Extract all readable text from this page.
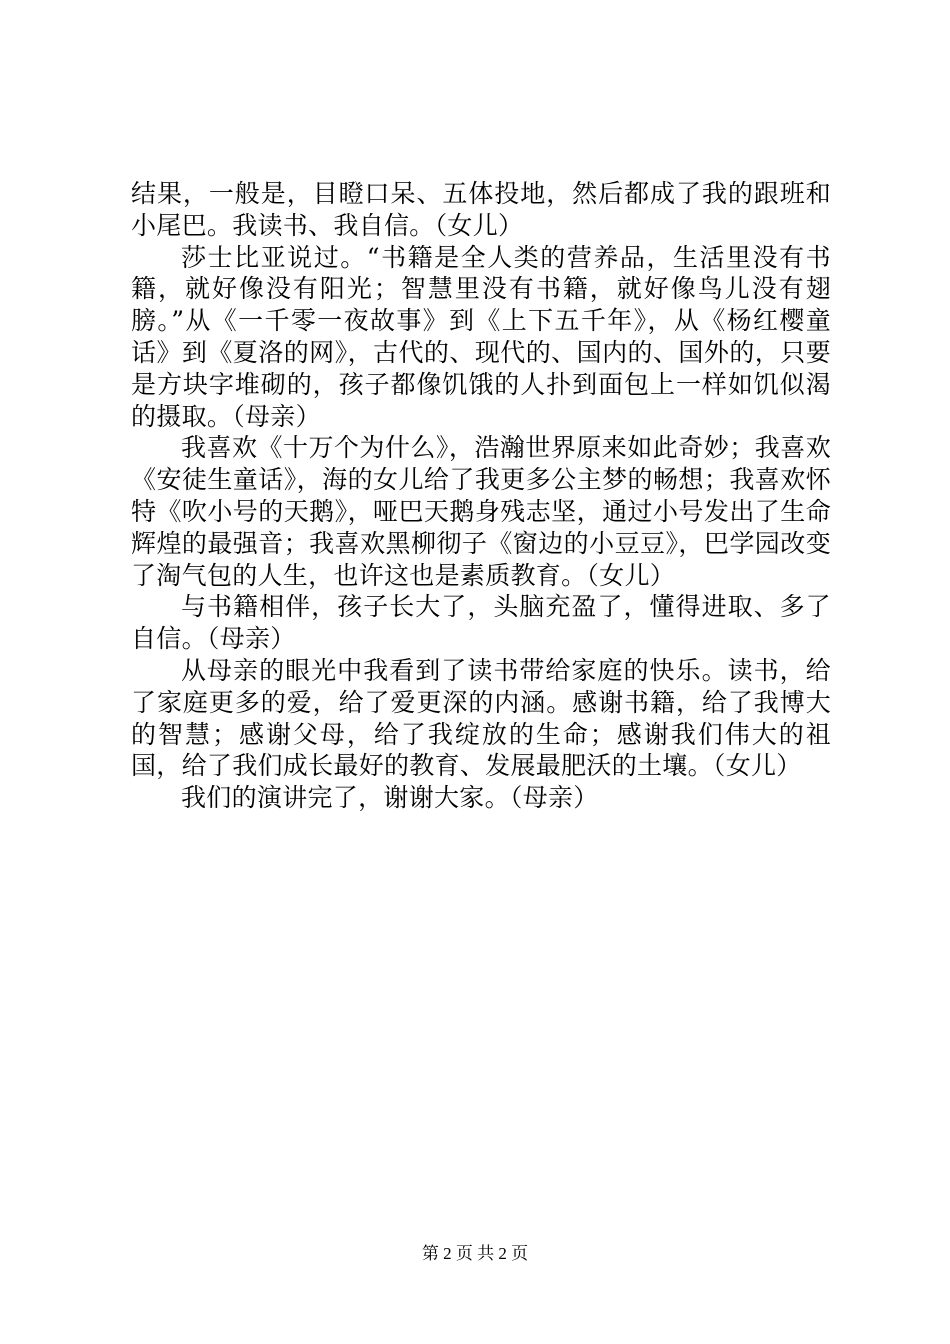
结果，一般是，目瞪口呆、五体投地，然后都成了我的跟班和小尾巴。我读书、我自信。（女儿）

莎士比亚说过。“书籍是全人类的营养品，生活里没有书籍，就好像没有阳光；智慧里没有书籍，就好像鸟儿没有翅膀。”从《一千零一夜故事》到《上下五千年》，从《杨红樱童话》到《夏洛的网》，古代的、现代的、国内的、国外的，只要是方块字堆砌的，孩子都像饥饿的人扑到面包上一样如饥似渴的摄取。（母亲）

我喜欢《十万个为什么》，浩瀚世界原来如此奇妙；我喜欢《安徒生童话》，海的女儿给了我更多公主梦的畅想；我喜欢怀特《吹小号的天鹅》，哑巴天鹅身残志坚，通过小号发出了生命辉煌的最强音；我喜欢黑柳彻子《窗边的小豆豆》，巴学园改变了淘气包的人生，也许这也是素质教育。（女儿）

与书籍相伴，孩子长大了，头脑充盈了，懂得进取、多了自信。（母亲）

从母亲的眼光中我看到了读书带给家庭的快乐。读书，给了家庭更多的爱，给了爱更深的内涵。感谢书籍，给了我博大的智慧；感谢父母，给了我绽放的生命；感谢我们伟大的祖国，给了我们成长最好的教育、发展最肥沃的土壤。（女儿）

我们的演讲完了，谢谢大家。（母亲）

第 2 页 共 2 页
